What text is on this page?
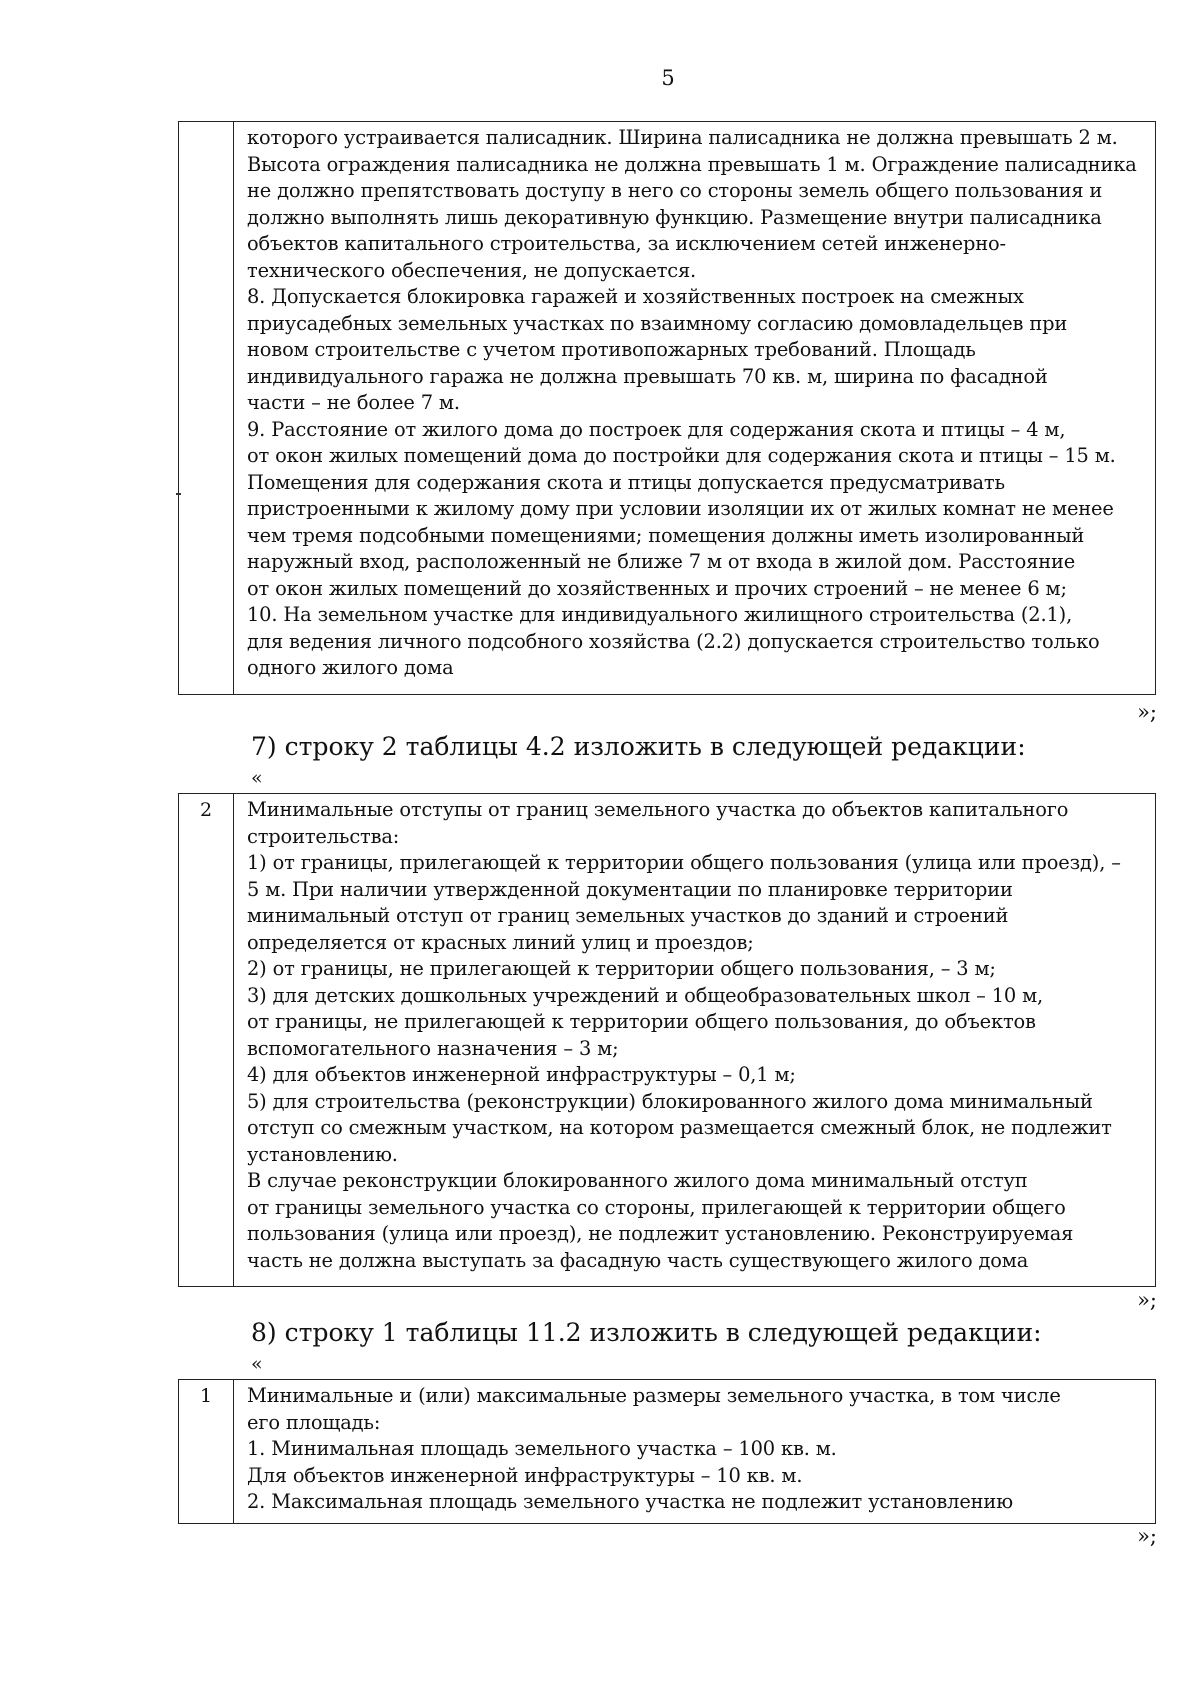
5
которого устраивается палисадник. Ширина палисадника не должна превышать 2 м.
Высота ограждения палисадника не должна превышать 1 м. Ограждение палисадника
не должно препятствовать доступу в него со стороны земель общего пользования и
должно выполнять лишь декоративную функцию. Размещение внутри палисадника
объектов капитального строительства, за исключением сетей инженерно-
технического обеспечения, не допускается.
8. Допускается блокировка гаражей и хозяйственных построек на смежных
приусадебных земельных участках по взаимному согласию домовладельцев при
новом строительстве с учетом противопожарных требований. Площадь
индивидуального гаража не должна превышать 70 кв. м, ширина по фасадной
части – не более 7 м.
9. Расстояние от жилого дома до построек для содержания скота и птицы – 4 м,
от окон жилых помещений дома до постройки для содержания скота и птицы – 15 м.
Помещения для содержания скота и птицы допускается предусматривать
пристроенными к жилому дому при условии изоляции их от жилых комнат не менее
чем тремя подсобными помещениями; помещения должны иметь изолированный
наружный вход, расположенный не ближе 7 м от входа в жилой дом. Расстояние
от окон жилых помещений до хозяйственных и прочих строений – не менее 6 м;
10. На земельном участке для индивидуального жилищного строительства (2.1),
для ведения личного подсобного хозяйства (2.2) допускается строительство только
одного жилого дома
»;
7) строку 2 таблицы 4.2 изложить в следующей редакции:
«
2	Минимальные отступы от границ земельного участка до объектов капитального
строительства:
1) от границы, прилегающей к территории общего пользования (улица или проезд), –
5 м. При наличии утвержденной документации по планировке территории
минимальный отступ от границ земельных участков до зданий и строений
определяется от красных линий улиц и проездов;
2) от границы, не прилегающей к территории общего пользования, – 3 м;
3) для детских дошкольных учреждений и общеобразовательных школ – 10 м,
от границы, не прилегающей к территории общего пользования, до объектов
вспомогательного назначения – 3 м;
4) для объектов инженерной инфраструктуры – 0,1 м;
5) для строительства (реконструкции) блокированного жилого дома минимальный
отступ со смежным участком, на котором размещается смежный блок, не подлежит
установлению.
В случае реконструкции блокированного жилого дома минимальный отступ
от границы земельного участка со стороны, прилегающей к территории общего
пользования (улица или проезд), не подлежит установлению. Реконструируемая
часть не должна выступать за фасадную часть существующего жилого дома
»;
8) строку 1 таблицы 11.2 изложить в следующей редакции:
«
1	Минимальные и (или) максимальные размеры земельного участка, в том числе
его площадь:
1. Минимальная площадь земельного участка – 100 кв. м.
Для объектов инженерной инфраструктуры – 10 кв. м.
2. Максимальная площадь земельного участка не подлежит установлению
»;
